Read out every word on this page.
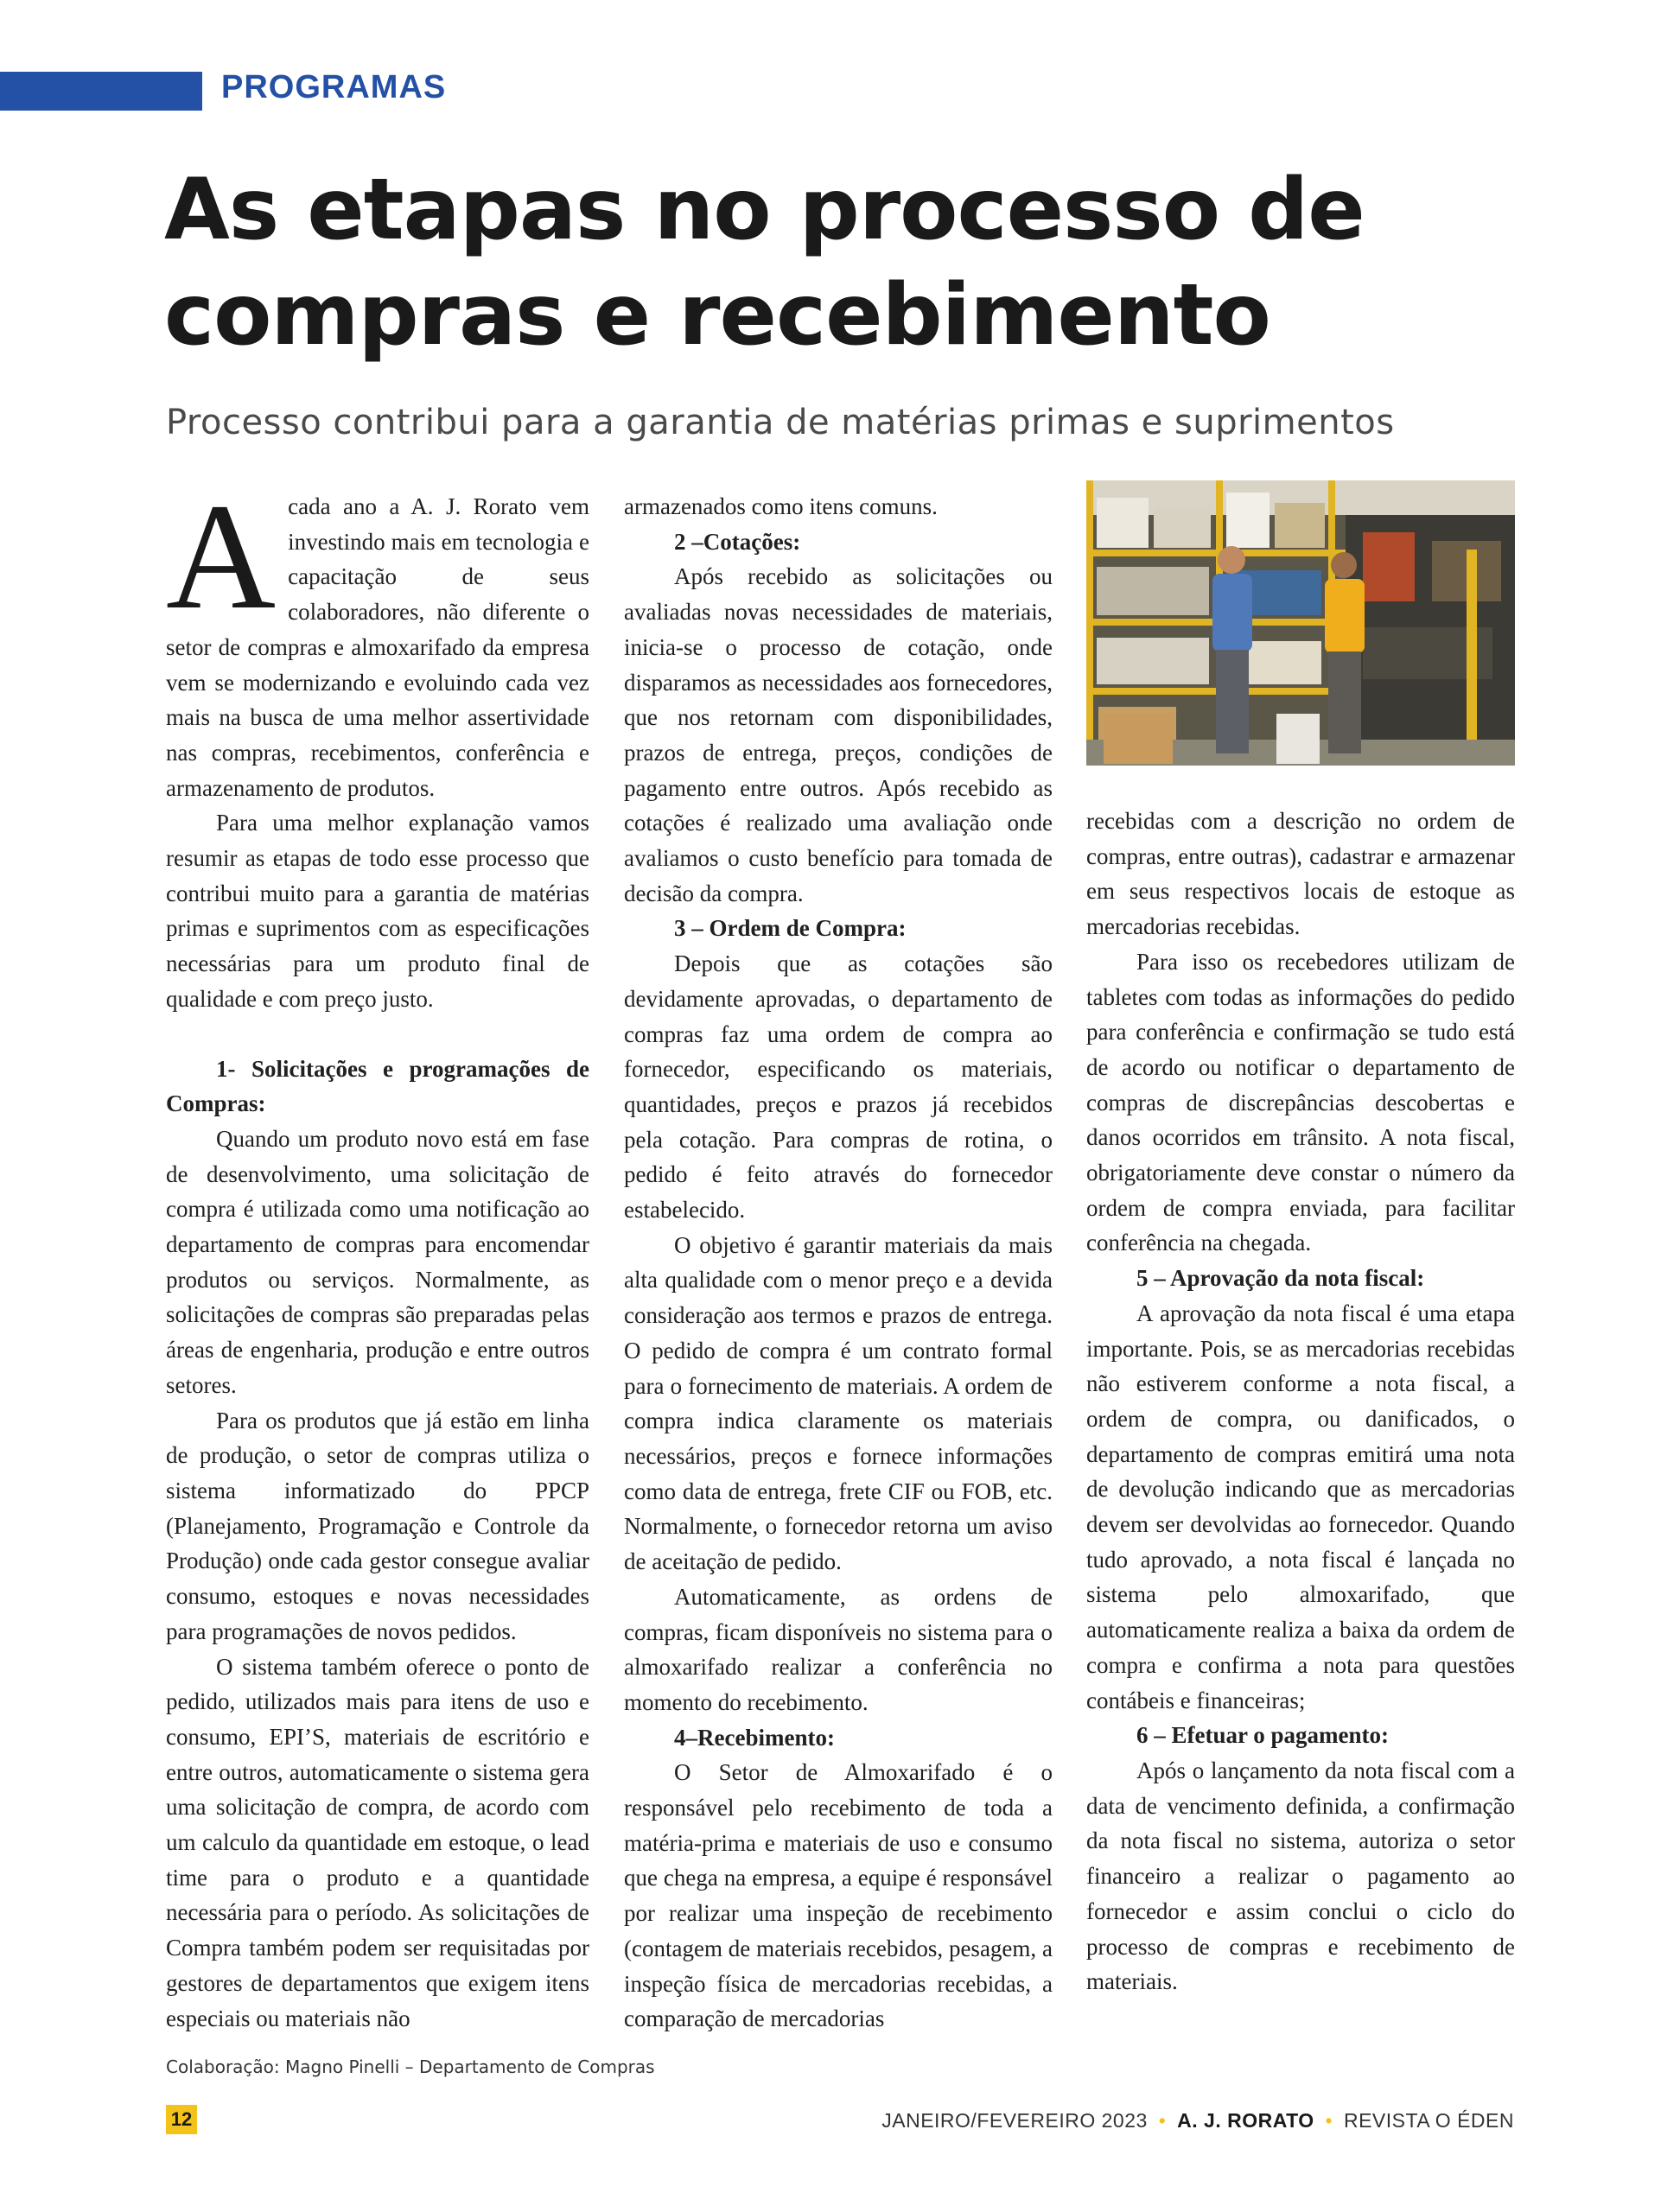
PROGRAMAS
As etapas no processo de compras e recebimento
Processo contribui para a garantia de matérias primas e suprimentos
A cada ano a A. J. Rorato vem investindo mais em tecnologia e capacitação de seus colaboradores, não diferente o setor de compras e almoxarifado da empresa vem se modernizando e evoluindo cada vez mais na busca de uma melhor assertividade nas compras, recebimentos, conferência e armazenamento de produtos.

Para uma melhor explanação vamos resumir as etapas de todo esse processo que contribui muito para a garantia de matérias primas e suprimentos com as especificações necessárias para um produto final de qualidade e com preço justo.

1- Solicitações e programações de Compras:

Quando um produto novo está em fase de desenvolvimento, uma solicitação de compra é utilizada como uma notificação ao departamento de compras para encomendar produtos ou serviços. Normalmente, as solicitações de compras são preparadas pelas áreas de engenharia, produção e entre outros setores.

Para os produtos que já estão em linha de produção, o setor de compras utiliza o sistema informatizado do PPCP (Planejamento, Programação e Controle da Produção) onde cada gestor consegue avaliar consumo, estoques e novas necessidades para programações de novos pedidos.

O sistema também oferece o ponto de pedido, utilizados mais para itens de uso e consumo, EPI’S, materiais de escritório e entre outros, automaticamente o sistema gera uma solicitação de compra, de acordo com um calculo da quantidade em estoque, o lead time para o produto e a quantidade necessária para o período. As solicitações de Compra também podem ser requisitadas por gestores de departamentos que exigem itens especiais ou materiais não

armazenados como itens comuns.

2 –Cotações:

Após recebido as solicitações ou avaliadas novas necessidades de materiais, inicia-se o processo de cotação, onde disparamos as necessidades aos fornecedores, que nos retornam com disponibilidades, prazos de entrega, preços, condições de pagamento entre outros. Após recebido as cotações é realizado uma avaliação onde avaliamos o custo benefício para tomada de decisão da compra.

3 – Ordem de Compra:

Depois que as cotações são devidamente aprovadas, o departamento de compras faz uma ordem de compra ao fornecedor, especificando os materiais, quantidades, preços e prazos já recebidos pela cotação. Para compras de rotina, o pedido é feito através do fornecedor estabelecido.

O objetivo é garantir materiais da mais alta qualidade com o menor preço e a devida consideração aos termos e prazos de entrega. O pedido de compra é um contrato formal para o fornecimento de materiais. A ordem de compra indica claramente os materiais necessários, preços e fornece informações como data de entrega, frete CIF ou FOB, etc. Normalmente, o fornecedor retorna um aviso de aceitação de pedido.

Automaticamente, as ordens de compras, ficam disponíveis no sistema para o almoxarifado realizar a conferência no momento do recebimento.

4–Recebimento:

O Setor de Almoxarifado é o responsável pelo recebimento de toda a matéria-prima e materiais de uso e consumo que chega na empresa, a equipe é responsável por realizar uma inspeção de recebimento (contagem de materiais recebidos, pesagem, a inspeção física de mercadorias recebidas, a comparação de mercadorias

recebidas com a descrição no ordem de compras, entre outras), cadastrar e armazenar em seus respectivos locais de estoque as mercadorias recebidas.

Para isso os recebedores utilizam de tabletes com todas as informações do pedido para conferência e confirmação se tudo está de acordo ou notificar o departamento de compras de discrepâncias descobertas e danos ocorridos em trânsito. A nota fiscal, obrigatoriamente deve constar o número da ordem de compra enviada, para facilitar conferência na chegada.

5 – Aprovação da nota fiscal:

A aprovação da nota fiscal é uma etapa importante. Pois, se as mercadorias recebidas não estiverem conforme a nota fiscal, a ordem de compra, ou danificados, o departamento de compras emitirá uma nota de devolução indicando que as mercadorias devem ser devolvidas ao fornecedor. Quando tudo aprovado, a nota fiscal é lançada no sistema pelo almoxarifado, que automaticamente realiza a baixa da ordem de compra e confirma a nota para questões contábeis e financeiras;

6 – Efetuar o pagamento:

Após o lançamento da nota fiscal com a data de vencimento definida, a confirmação da nota fiscal no sistema, autoriza o setor financeiro a realizar o pagamento ao fornecedor e assim conclui o ciclo do processo de compras e recebimento de materiais.

Colaboração: Magno Pinelli – Departamento de Compras
12	JANEIRO/FEVEREIRO 2023 • A. J. RORATO • REVISTA O ÉDEN
